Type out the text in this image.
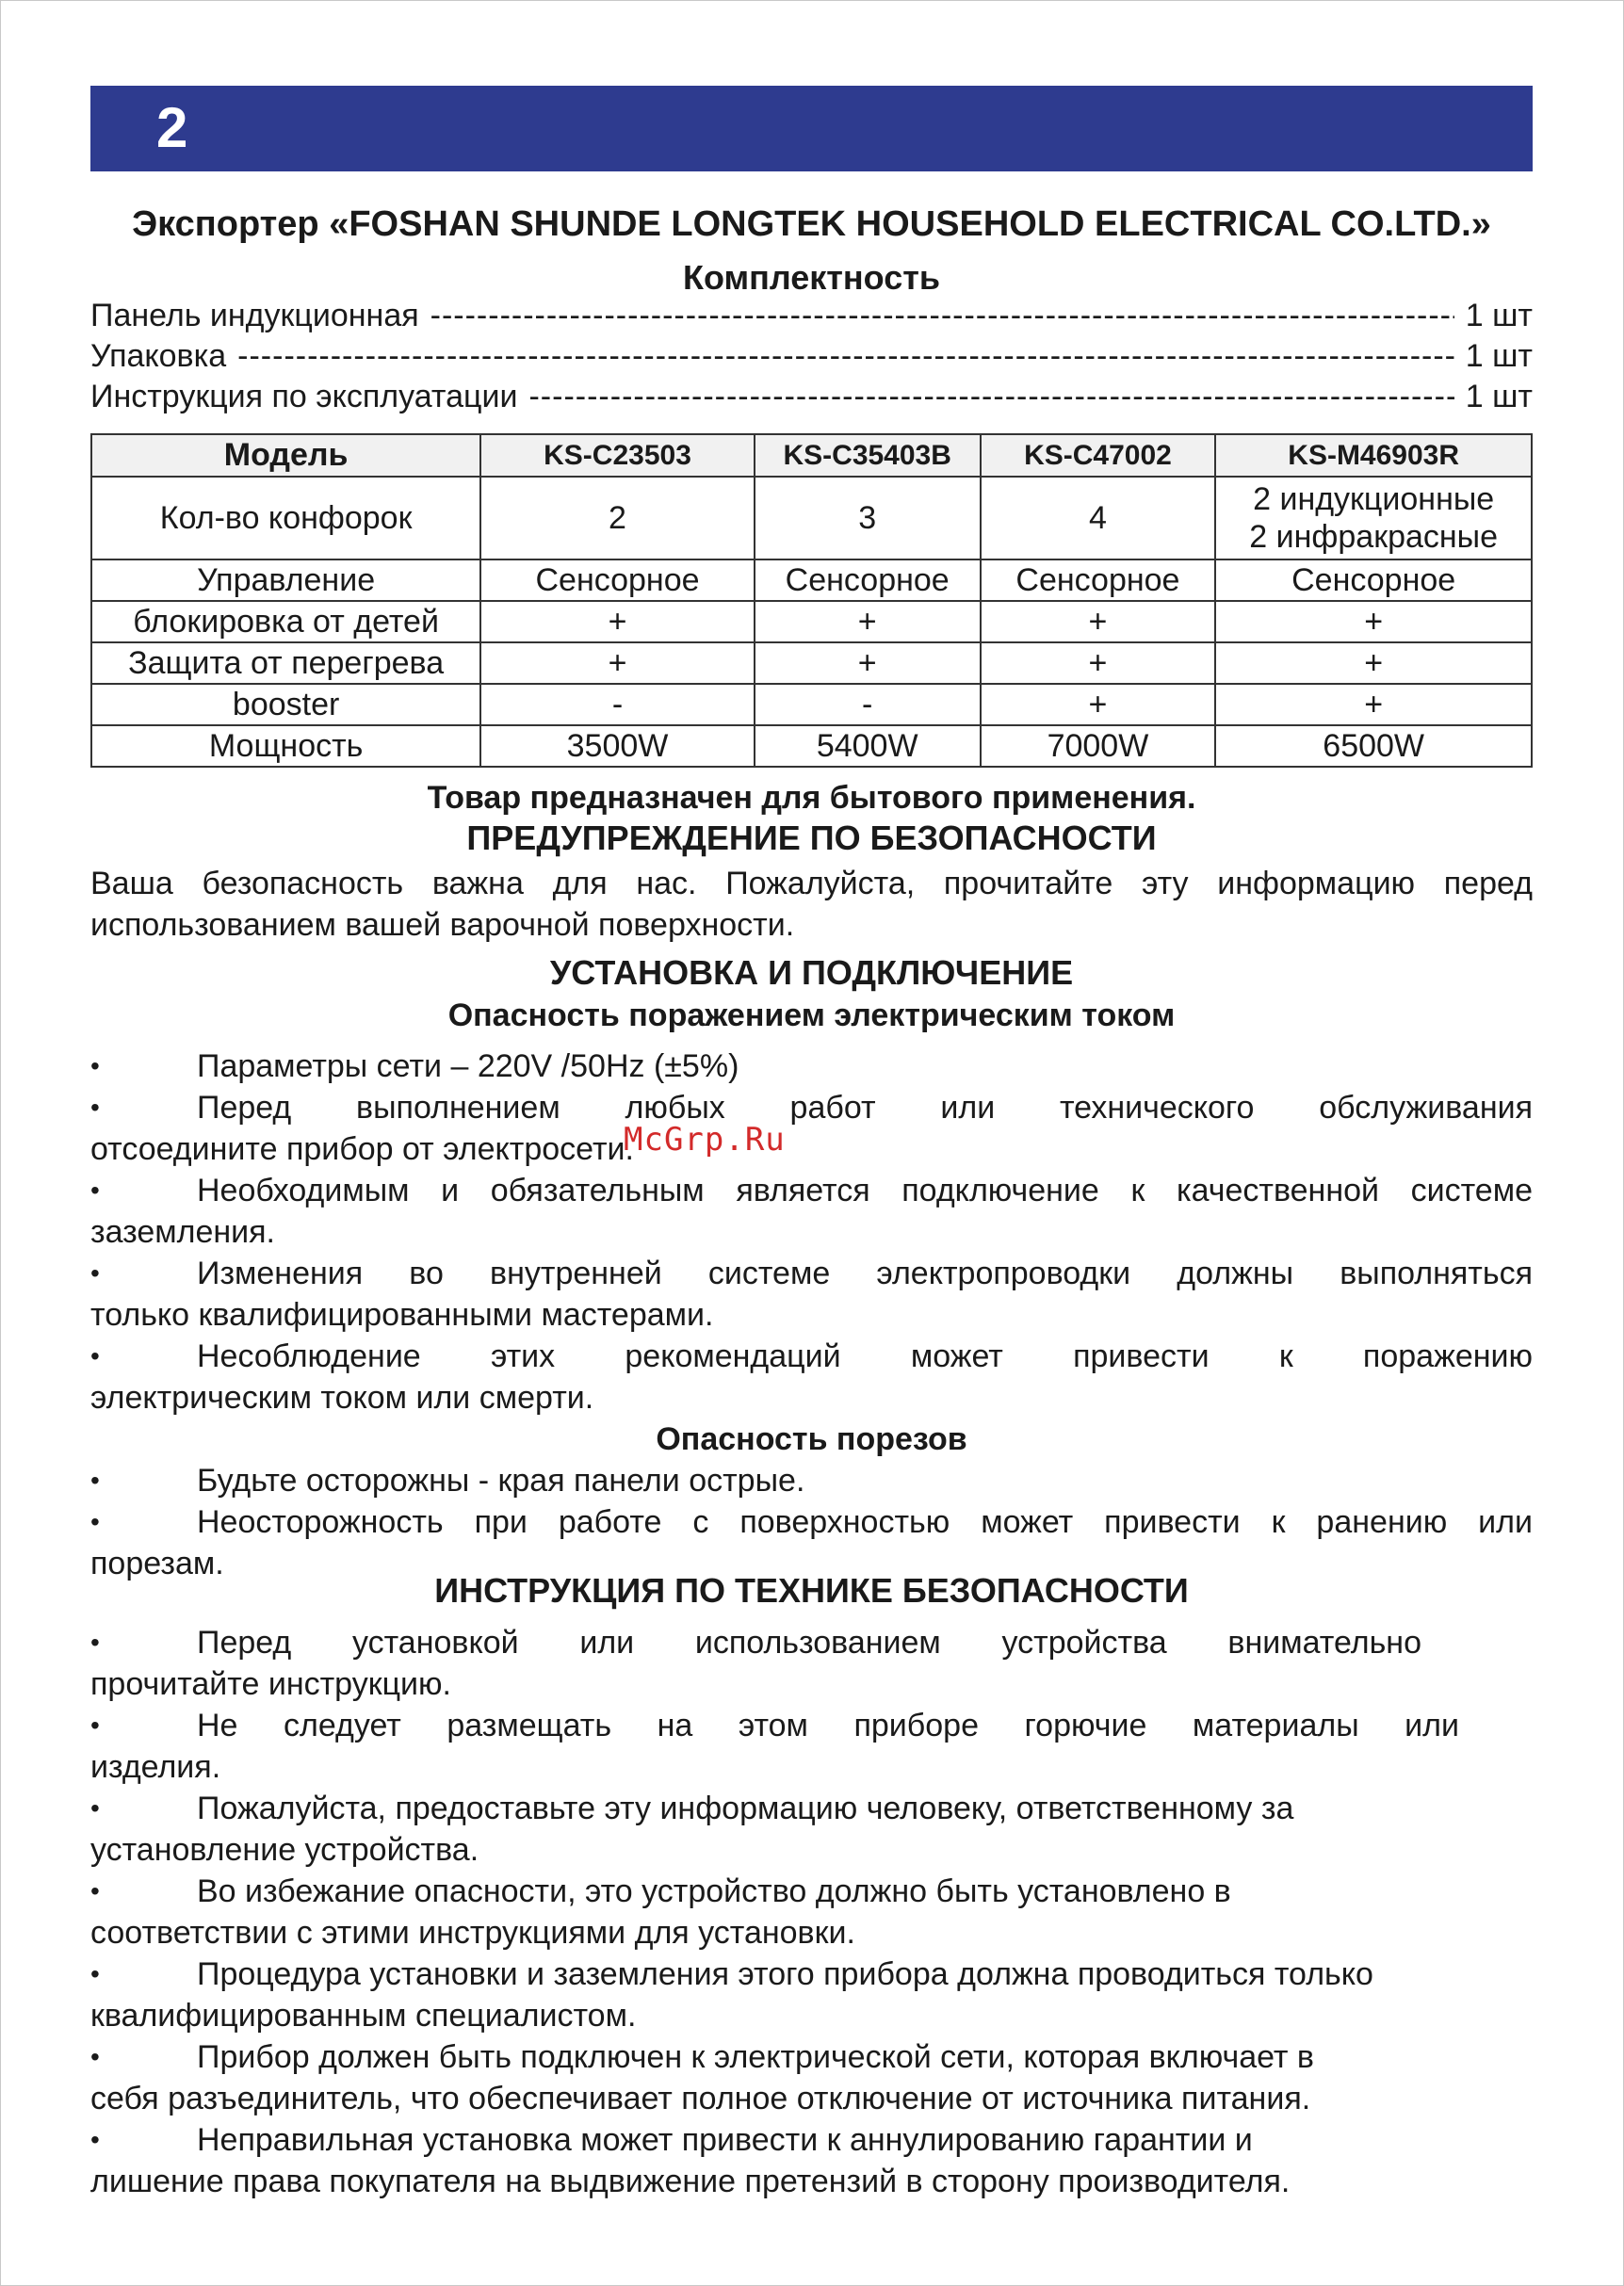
2
Экспортер «FOSHAN SHUNDE LONGTEK HOUSEHOLD ELECTRICAL CO.LTD.»
Комплектность
Панель индукционная -----	1 шт
Упаковка -----	1 шт
Инструкция по эксплуатации -----	1 шт
Модель	KS-C23503	KS-C35403B	KS-C47002	KS-M46903R
Кол-во конфорок	2	3	4	2 индукционные
2 инфракрасные
Управление	Сенсорное	Сенсорное	Сенсорное	Сенсорное
блокировка от детей	+	+	+	+
Защита от перегрева	+	+	+	+
booster	-	-	+	+
Мощность	3500W	5400W	7000W	6500W
Товар предназначен для бытового применения.
ПРЕДУПРЕЖДЕНИЕ ПО БЕЗОПАСНОСТИ
Ваша безопасность важна для нас. Пожалуйста, прочитайте эту информацию перед
использованием вашей варочной поверхности.
УСТАНОВКА И ПОДКЛЮЧЕНИЕ
Опасность поражением электрическим током
•	Параметры сети – 220V /50Hz (±5%)
•	Перед выполнением любых работ или технического обслуживания
отсоедините прибор от электросети.
•	Необходимым и обязательным является подключение к качественной системе
заземления.
•	Изменения во внутренней системе электропроводки должны выполняться
только квалифицированными мастерами.
•	Несоблюдение этих рекомендаций может привести к поражению
электрическим током или смерти.
Опасность порезов
•	Будьте осторожны - края панели острые.
•	Неосторожность при работе с поверхностью может привести к ранению или
порезам.
ИНСТРУКЦИЯ ПО ТЕХНИКЕ БЕЗОПАСНОСТИ
•	Перед установкой или использованием устройства внимательно
прочитайте инструкцию.
•	Не следует размещать на этом приборе горючие материалы или
изделия.
•	Пожалуйста, предоставьте эту информацию человеку, ответственному за
установление устройства.
•	Во избежание опасности, это устройство должно быть установлено в
соответствии с этими инструкциями для установки.
•	Процедура установки и заземления этого прибора должна проводиться только
квалифицированным специалистом.
•	Прибор должен быть подключен к электрической сети, которая включает в
себя разъединитель, что обеспечивает полное отключение от источника питания.
•	Неправильная установка может привести к аннулированию гарантии и
лишение права покупателя на выдвижение претензий в сторону производителя.
McGrp.Ru
